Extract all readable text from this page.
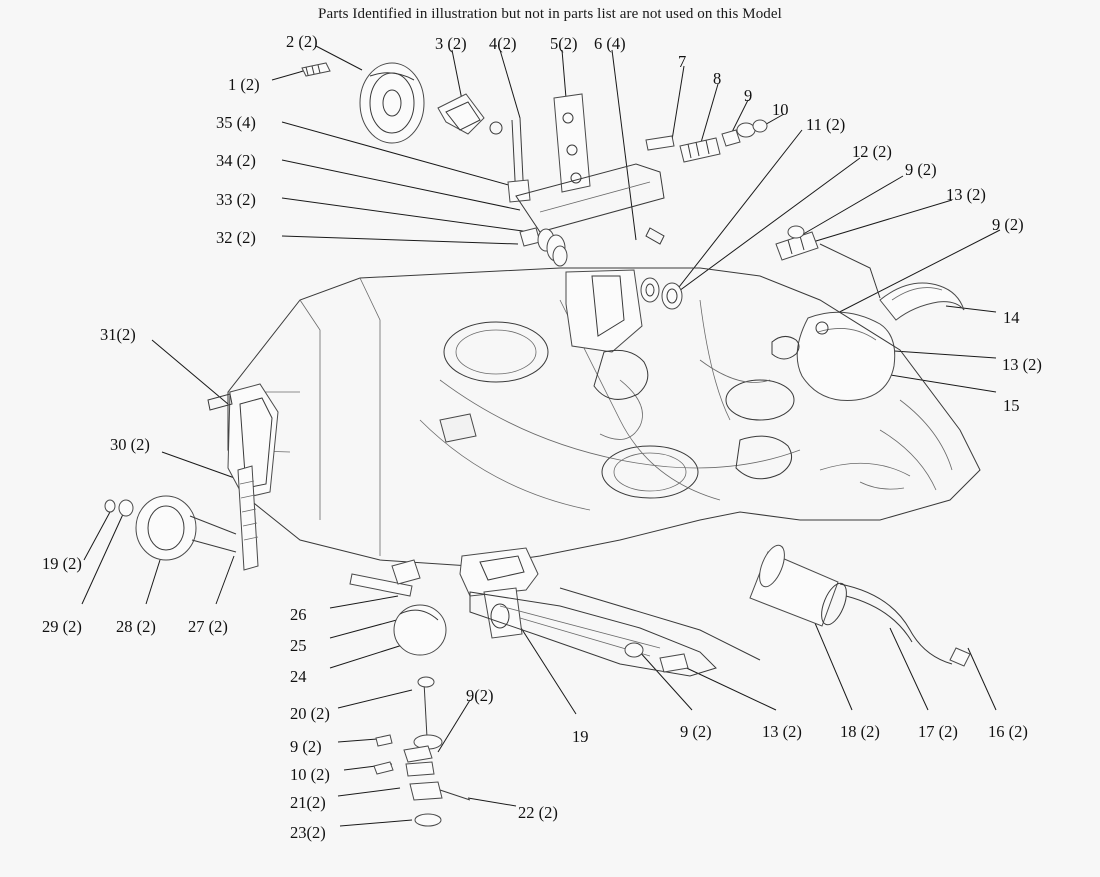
Parts Identified in illustration but not in parts list are not used on this Model
2 (2)	3 (2) 4(2) 5(2) 6 (4)
7
8
9
10
1 (2)
11 (2)
35 (4)
12 (2)
34 (2)	9 (2)
33 (2)	13 (2)
32 (2)
9 (2)
14
13 (2)
15
31(2)
30 (2)
19 (2)
29 (2) 28 (2) 27 (2)
26
25
24
20 (2)
9(2)
9 (2)
10 (2)
21(2)
23(2)
22 (2)
19	9 (2)	13 (2) 18 (2) 17 (2) 16 (2)
